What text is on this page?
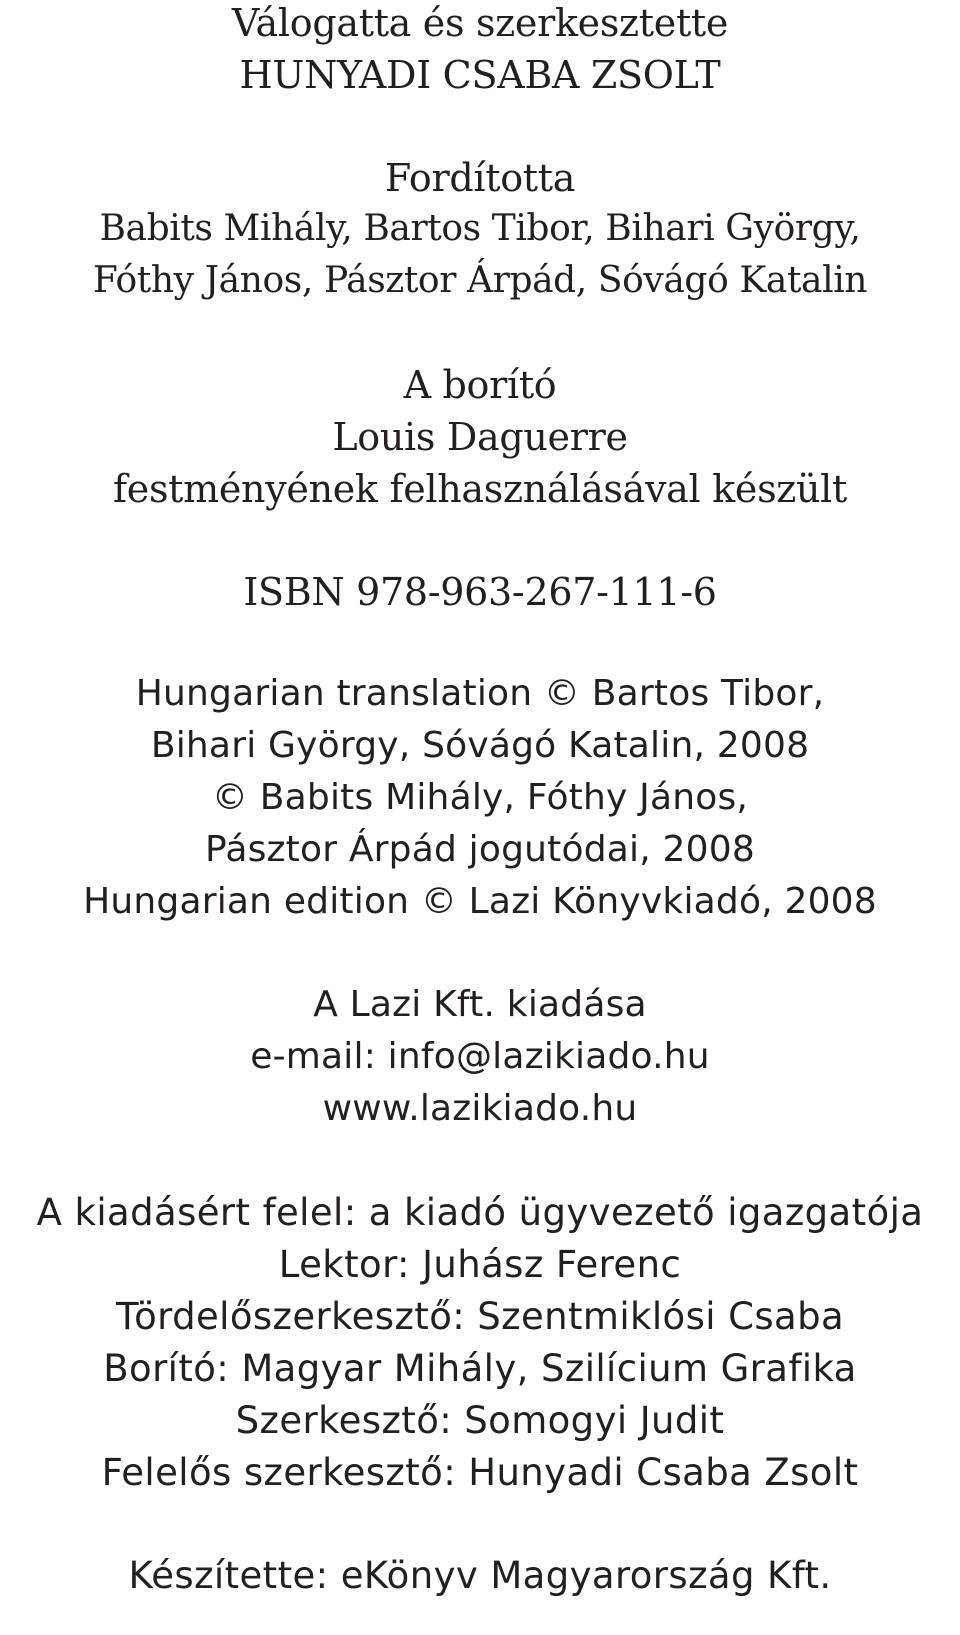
Válogatta és szerkesztette
HUNYADI CSABA ZSOLT
Fordította
Babits Mihály, Bartos Tibor, Bihari György,
Fóthy János, Pásztor Árpád, Sóvágó Katalin
A borító
Louis Daguerre
festményének felhasználásával készült
ISBN 978-963-267-111-6
Hungarian translation © Bartos Tibor,
Bihari György, Sóvágó Katalin, 2008
© Babits Mihály, Fóthy János,
Pásztor Árpád jogutódai, 2008
Hungarian edition © Lazi Könyvkiadó, 2008
A Lazi Kft. kiadása
e-mail: info@lazikiado.hu
www.lazikiado.hu
A kiadásért felel: a kiadó ügyvezető igazgatója
Lektor: Juhász Ferenc
Tördelőszerkesztő: Szentmiklósi Csaba
Borító: Magyar Mihály, Szilícium Grafika
Szerkesztő: Somogyi Judit
Felelős szerkesztő: Hunyadi Csaba Zsolt
Készítette: eKönyv Magyarország Kft.
